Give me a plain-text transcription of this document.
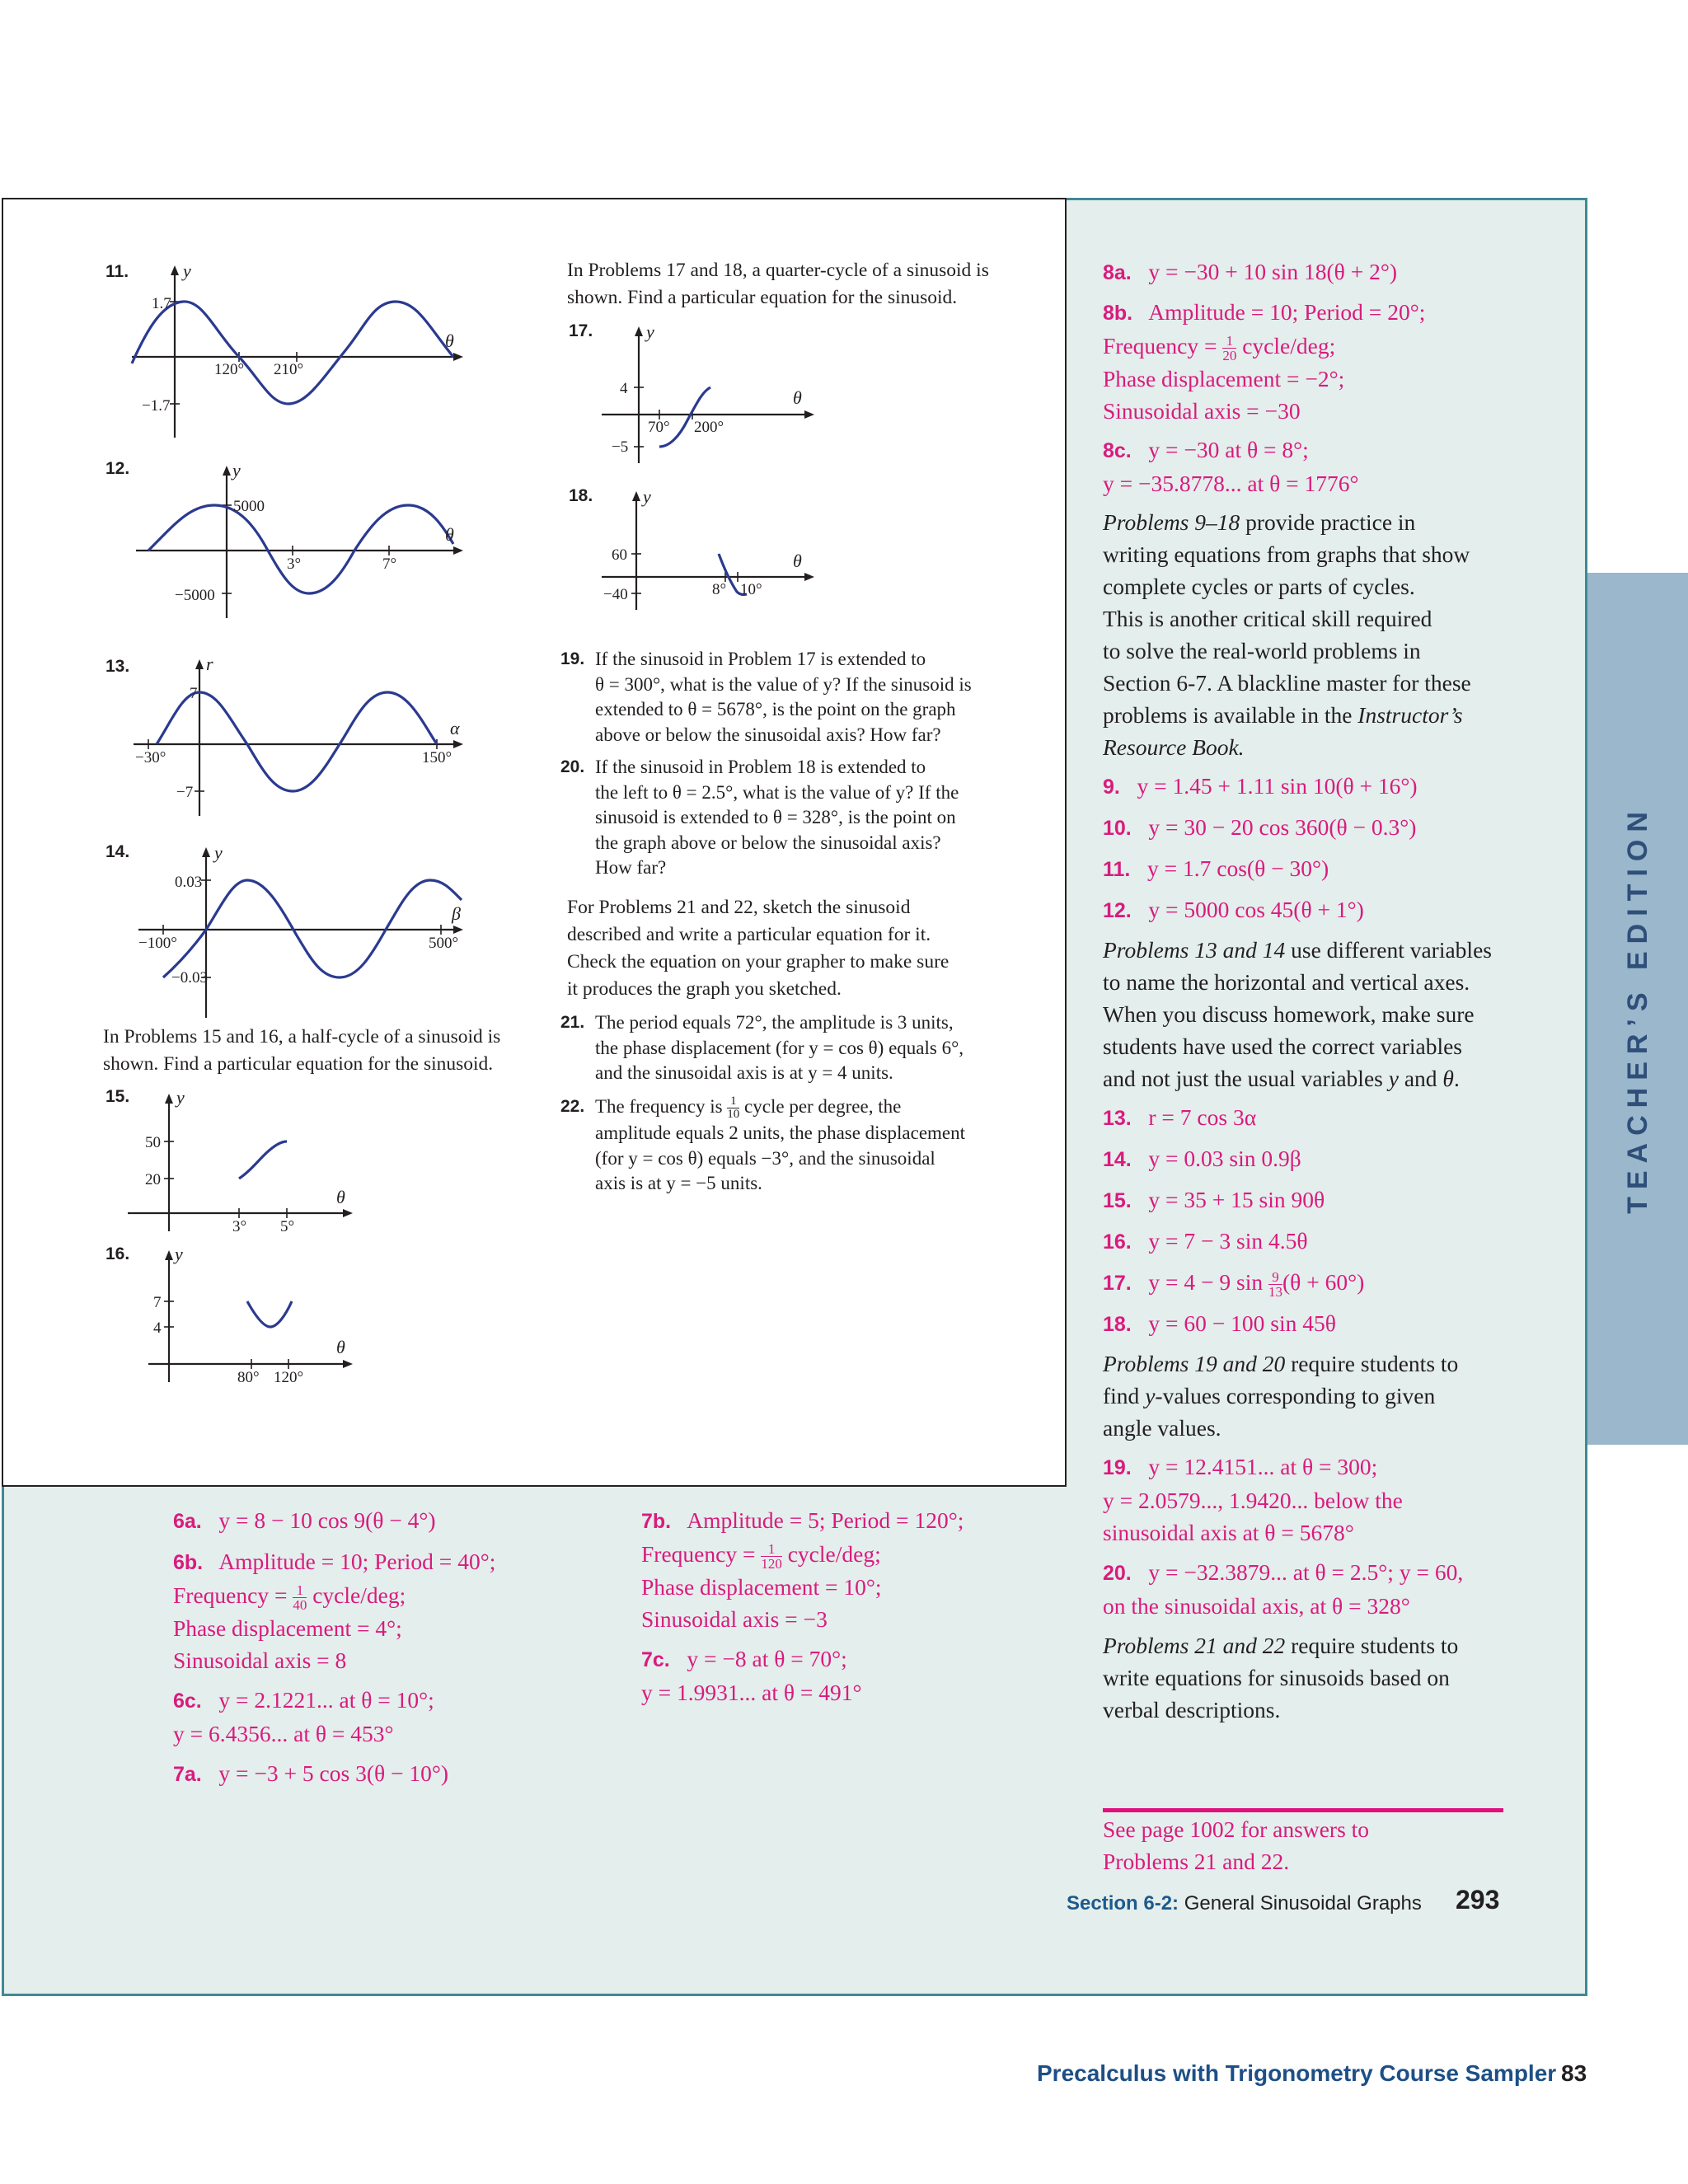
TEACHER’S EDITION
11.	y
θ
1.7
−1.7
120° 210°
12.	y
θ
5000
−5000
3°	7°
13.	r
α
7
−7
−30°	150°
14.	y
β
0.03
−0.03
−100°	500°
In Problems 15 and 16, a half-cycle of a sinusoid is shown. Find a particular equation for the sinusoid.
15.	y
θ
50
20
3° 5°
16. y
θ
7
4
80° 120°
In Problems 17 and 18, a quarter-cycle of a sinusoid is shown. Find a particular equation for the sinusoid.
17.	y
θ
4
−5
70° 200°
18.	y
θ
60
−40	8° 10°
19. If the sinusoid in Problem 17 is extended to
θ = 300°, what is the value of y? If the sinusoid is
extended to θ = 5678°, is the point on the graph
above or below the sinusoidal axis? How far?
20. If the sinusoid in Problem 18 is extended to
the left to θ = 2.5°, what is the value of y? If the
sinusoid is extended to θ = 328°, is the point on
the graph above or below the sinusoidal axis?
How far?
For Problems 21 and 22, sketch the sinusoid
described and write a particular equation for it.
Check the equation on your grapher to make sure
it produces the graph you sketched.
21. The period equals 72°, the amplitude is 3 units,
the phase displacement (for y = cos θ) equals 6°,
and the sinusoidal axis is at y = 4 units.
22. The frequency is $\frac{1}{10}$ cycle per degree, the
amplitude equals 2 units, the phase displacement
(for y = cos θ) equals −3°, and the sinusoidal
axis is at y = −5 units.
8a. y = −30 + 10 sin 18(θ + 2°)
8b. Amplitude = 10; Period = 20°;
Frequency = $\frac{1}{20}$ cycle/deg;
Phase displacement = −2°;
Sinusoidal axis = −30
8c. y = −30 at θ = 8°;
y = −35.8778... at θ = 1776°
Problems 9–18 provide practice in
writing equations from graphs that show
complete cycles or parts of cycles.
This is another critical skill required
to solve the real-world problems in
Section 6-7. A blackline master for these
problems is available in the Instructor’s
Resource Book.
9. y = 1.45 + 1.11 sin 10(θ + 16°)
10. y = 30 − 20 cos 360(θ − 0.3°)
11. y = 1.7 cos(θ − 30°)
12. y = 5000 cos 45(θ + 1°)
Problems 13 and 14 use different variables
to name the horizontal and vertical axes.
When you discuss homework, make sure
students have used the correct variables
and not just the usual variables y and θ.
13. r = 7 cos 3α
14. y = 0.03 sin 0.9β
15. y = 35 + 15 sin 90θ
16. y = 7 − 3 sin 4.5θ
17. y = 4 − 9 $\sin \frac{9}{13} (\theta + 60^\circ)$
18. y = 60 − 100 sin 45θ
Problems 19 and 20 require students to
find y-values corresponding to given
angle values.
19. y = 12.4151... at θ = 300;
y = 2.0579..., 1.9420... below the
sinusoidal axis at θ = 5678°
20. y = −32.3879... at θ = 2.5°; y = 60,
on the sinusoidal axis, at θ = 328°
Problems 21 and 22 require students to
write equations for sinusoids based on
verbal descriptions.
See page 1002 for answers to
Problems 21 and 22.
6a. y = 8 − 10 cos 9(θ − 4°)
6b. Amplitude = 10; Period = 40°;
Frequency = $\frac{1}{40}$ cycle/deg;
Phase displacement = 4°;
Sinusoidal axis = 8
6c. y = 2.1221... at θ = 10°;
y = 6.4356... at θ = 453°
7a. y = −3 + 5 cos 3(θ − 10°)
7b. Amplitude = 5; Period = 120°;
Frequency = $\frac{1}{120}$ cycle/deg;
Phase displacement = 10°;
Sinusoidal axis = −3
7c. y = −8 at θ = 70°;
y = 1.9931... at θ = 491°
Section 6-2: General Sinusoidal Graphs 293
Precalculus with Trigonometry Course Sampler 83
